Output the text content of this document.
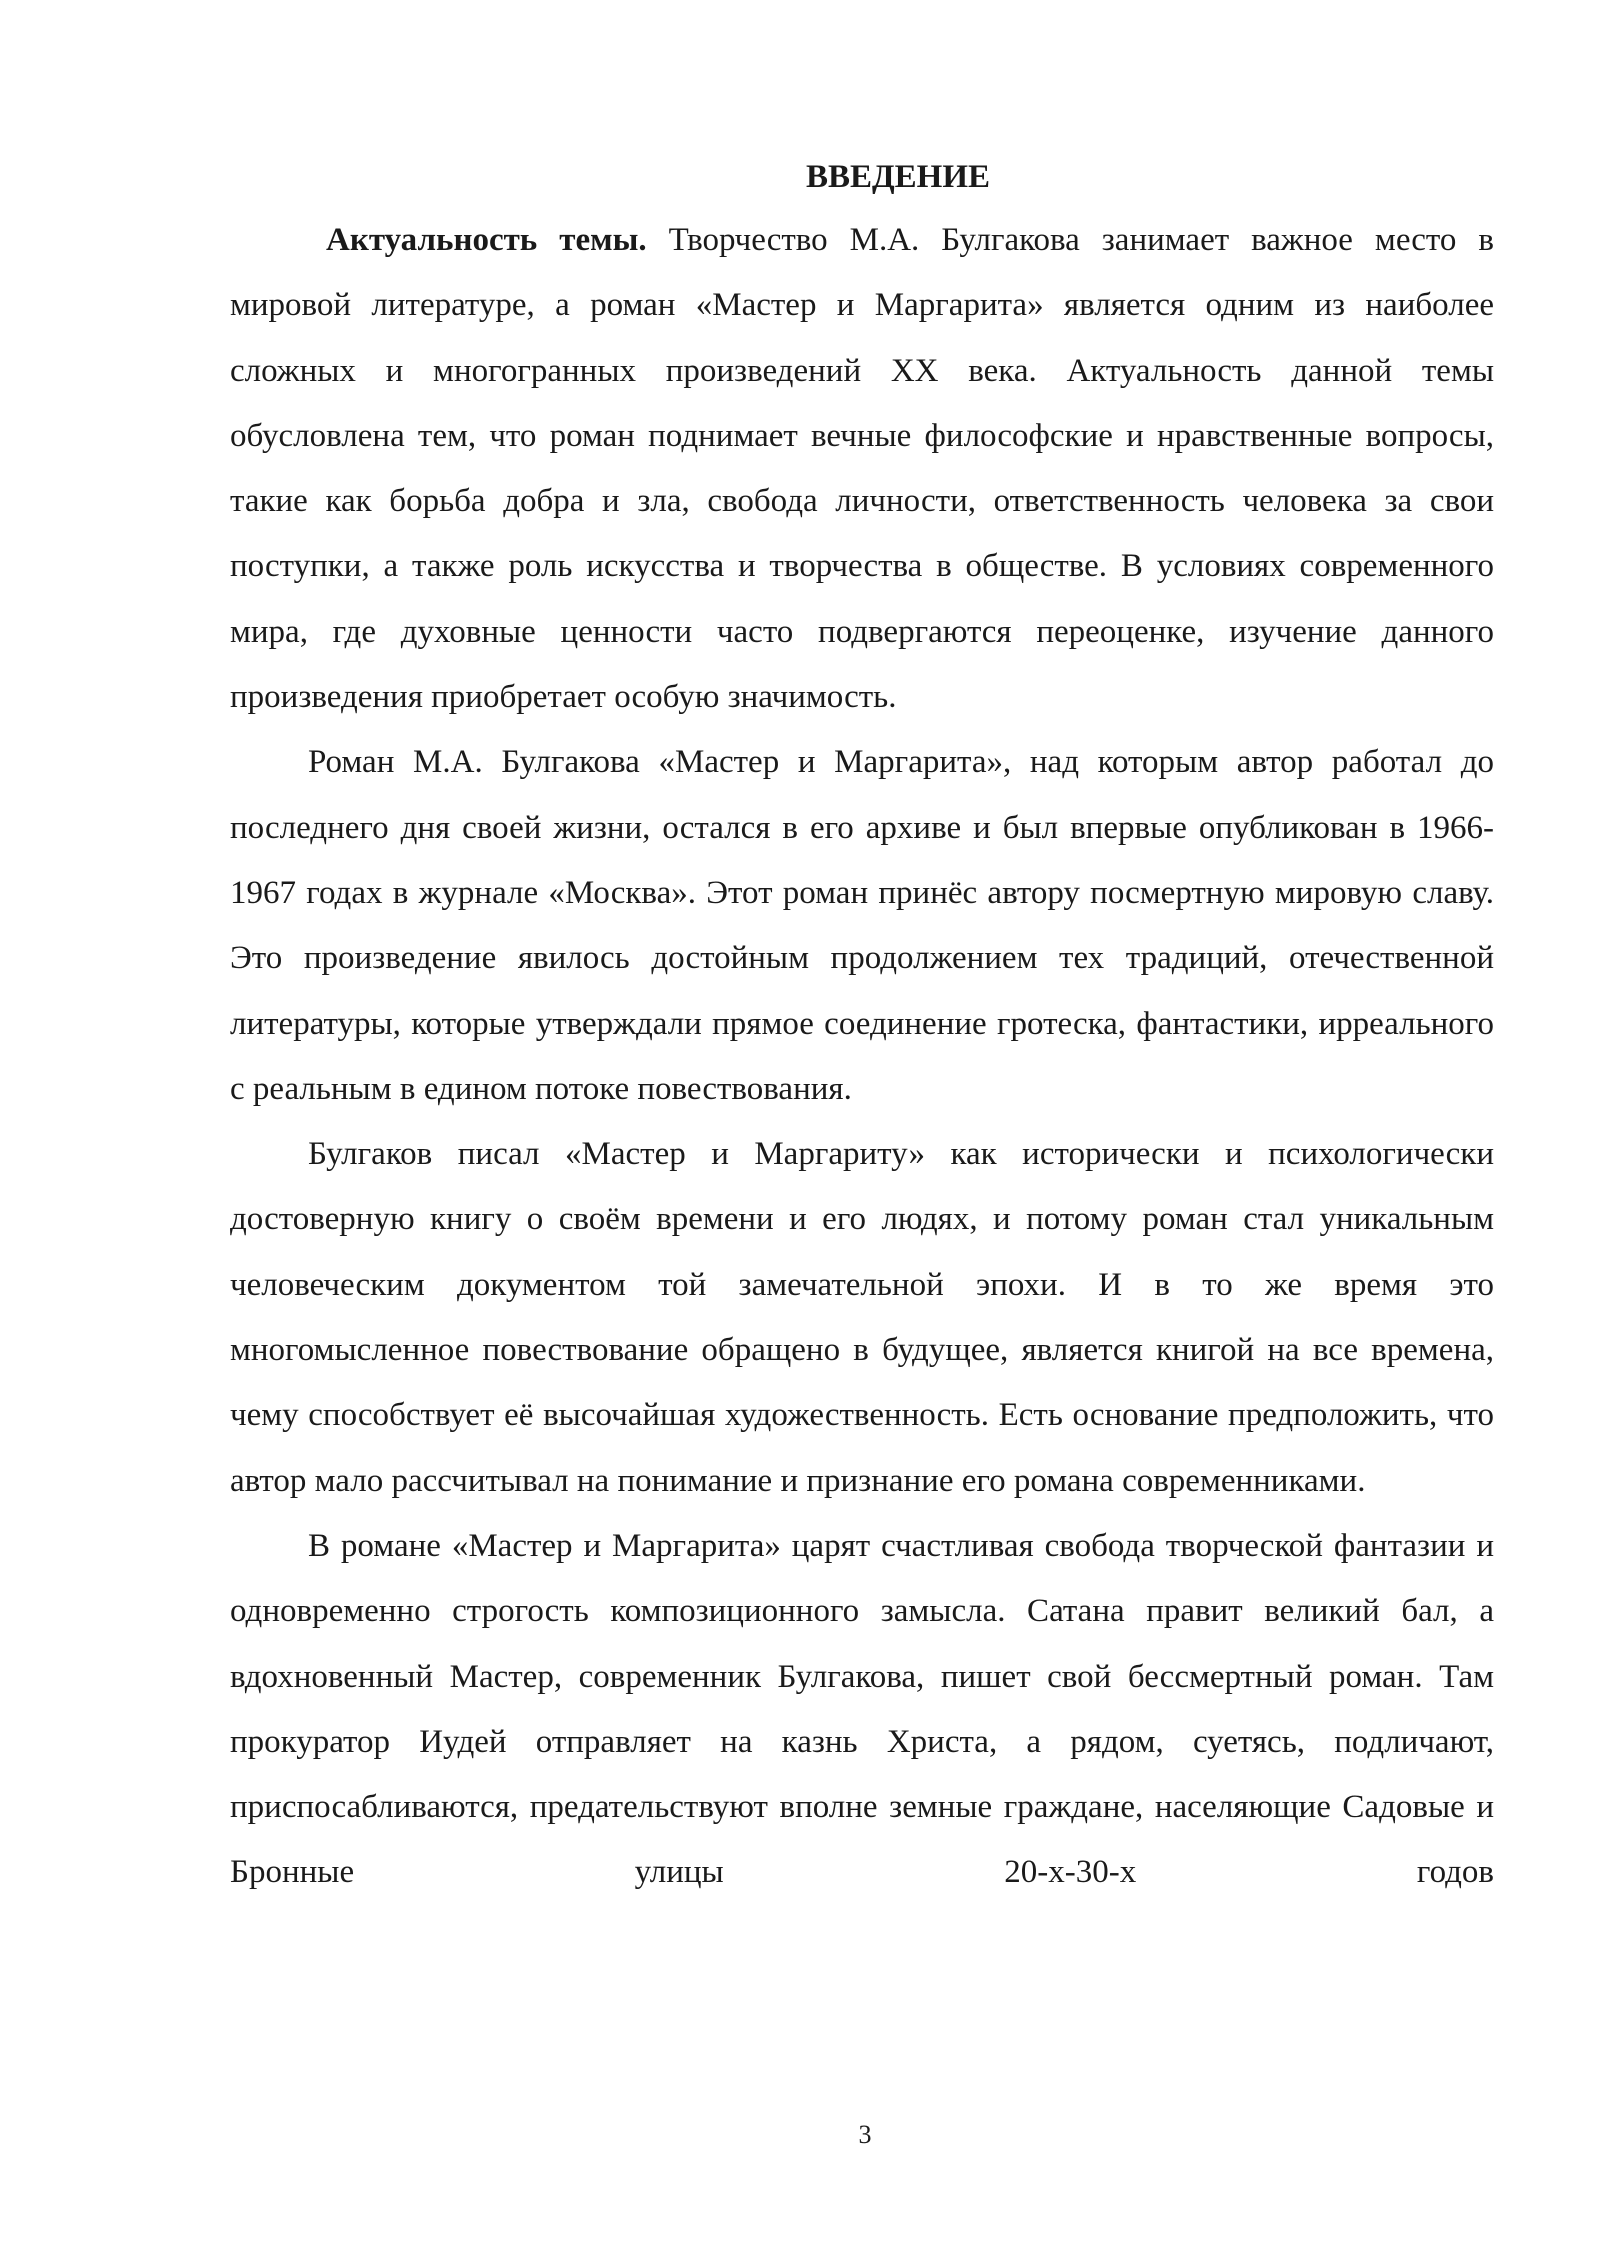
ВВЕДЕНИЕ

Актуальность темы. Творчество М.А. Булгакова занимает важное место в мировой литературе, а роман «Мастер и Маргарита» является одним из наиболее сложных и многогранных произведений XX века. Актуальность данной темы обусловлена тем, что роман поднимает вечные философские и нравственные вопросы, такие как борьба добра и зла, свобода личности, ответственность человека за свои поступки, а также роль искусства и творчества в обществе. В условиях современного мира, где духовные ценности часто подвергаются переоценке, изучение данного произведения приобретает особую значимость.

Роман М.А. Булгакова «Мастер и Маргарита», над которым автор работал до последнего дня своей жизни, остался в его архиве и был впервые опубликован в 1966-1967 годах в журнале «Москва». Этот роман принёс автору посмертную мировую славу. Это произведение явилось достойным продолжением тех традиций, отечественной литературы, которые утверждали прямое соединение гротеска, фантастики, ирреального с реальным в едином потоке повествования.

Булгаков писал «Мастер и Маргариту» как исторически и психологически достоверную книгу о своём времени и его людях, и потому роман стал уникальным человеческим документом той замечательной эпохи. И в то же время это многомысленное повествование обращено в будущее, является книгой на все времена, чему способствует её высочайшая художественность. Есть основание предположить, что автор мало рассчитывал на понимание и признание его романа современниками.

В романе «Мастер и Маргарита» царят счастливая свобода творческой фантазии и одновременно строгость композиционного замысла. Сатана правит великий бал, а вдохновенный Мастер, современник Булгакова, пишет свой бессмертный роман. Там прокуратор Иудей отправляет на казнь Христа, а рядом, суетясь, подличают, приспосабливаются, предательствуют вполне земные граждане, населяющие Садовые и Бронные улицы 20-х-30-х годов

3
